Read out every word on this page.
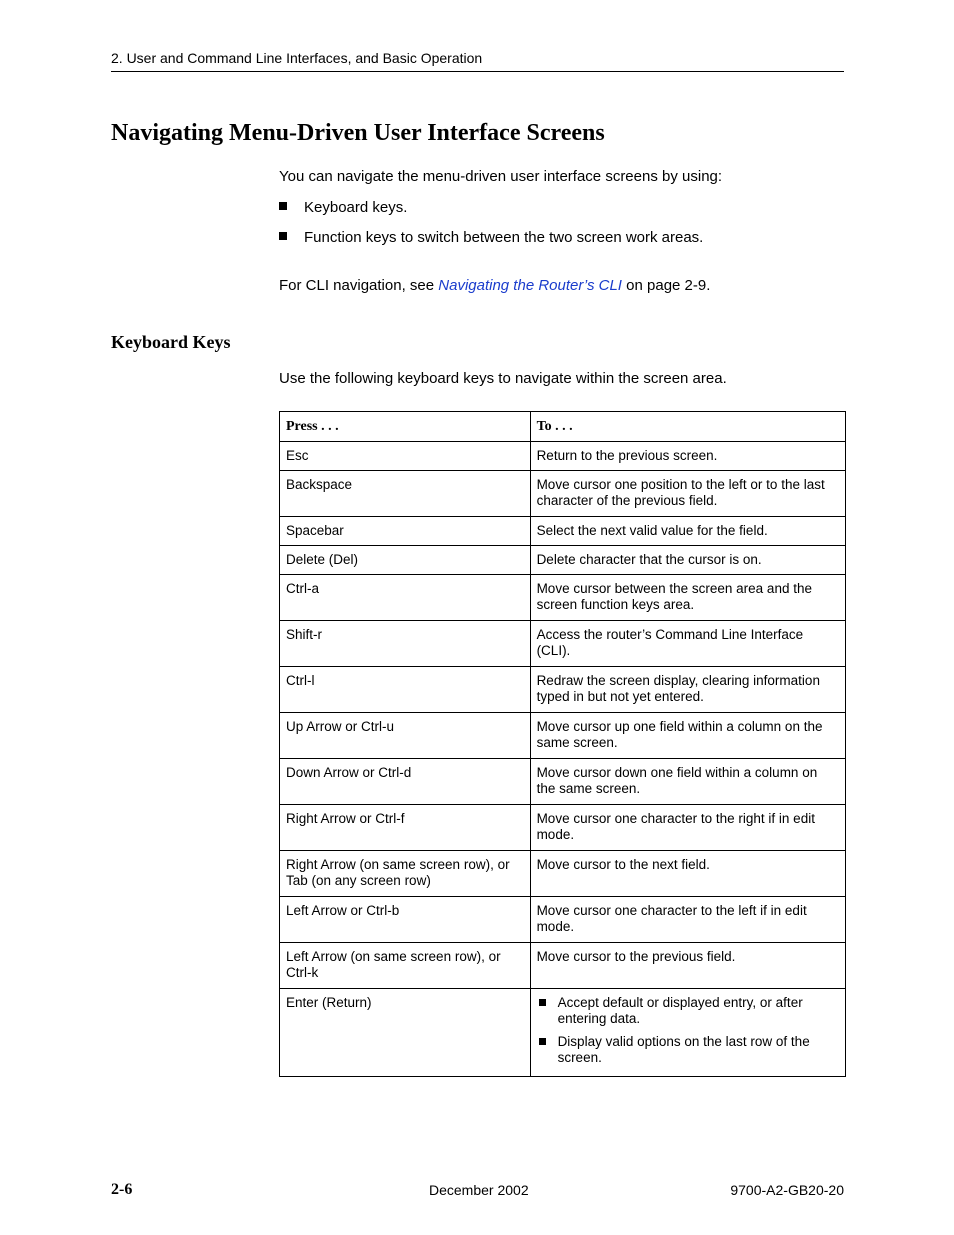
2. User and Command Line Interfaces, and Basic Operation
Navigating Menu-Driven User Interface Screens
You can navigate the menu-driven user interface screens by using:
Keyboard keys.
Function keys to switch between the two screen work areas.
For CLI navigation, see Navigating the Router’s CLI on page 2-9.
Keyboard Keys
Use the following keyboard keys to navigate within the screen area.
Press . . .	To . . .
Esc	Return to the previous screen.
Backspace	Move cursor one position to the left or to the last character of the previous field.
Spacebar	Select the next valid value for the field.
Delete (Del)	Delete character that the cursor is on.
Ctrl-a	Move cursor between the screen area and the screen function keys area.
Shift-r	Access the router’s Command Line Interface (CLI).
Ctrl-l	Redraw the screen display, clearing information typed in but not yet entered.
Up Arrow or Ctrl-u	Move cursor up one field within a column on the same screen.
Down Arrow or Ctrl-d	Move cursor down one field within a column on the same screen.
Right Arrow or Ctrl-f	Move cursor one character to the right if in edit mode.
Right Arrow (on same screen row), or Tab (on any screen row)	Move cursor to the next field.
Left Arrow or Ctrl-b	Move cursor one character to the left if in edit mode.
Left Arrow (on same screen row), or Ctrl-k	Move cursor to the previous field.
Enter (Return)	Accept default or displayed entry, or after entering data.
Display valid options on the last row of the screen.
2-6	December 2002	9700-A2-GB20-20
